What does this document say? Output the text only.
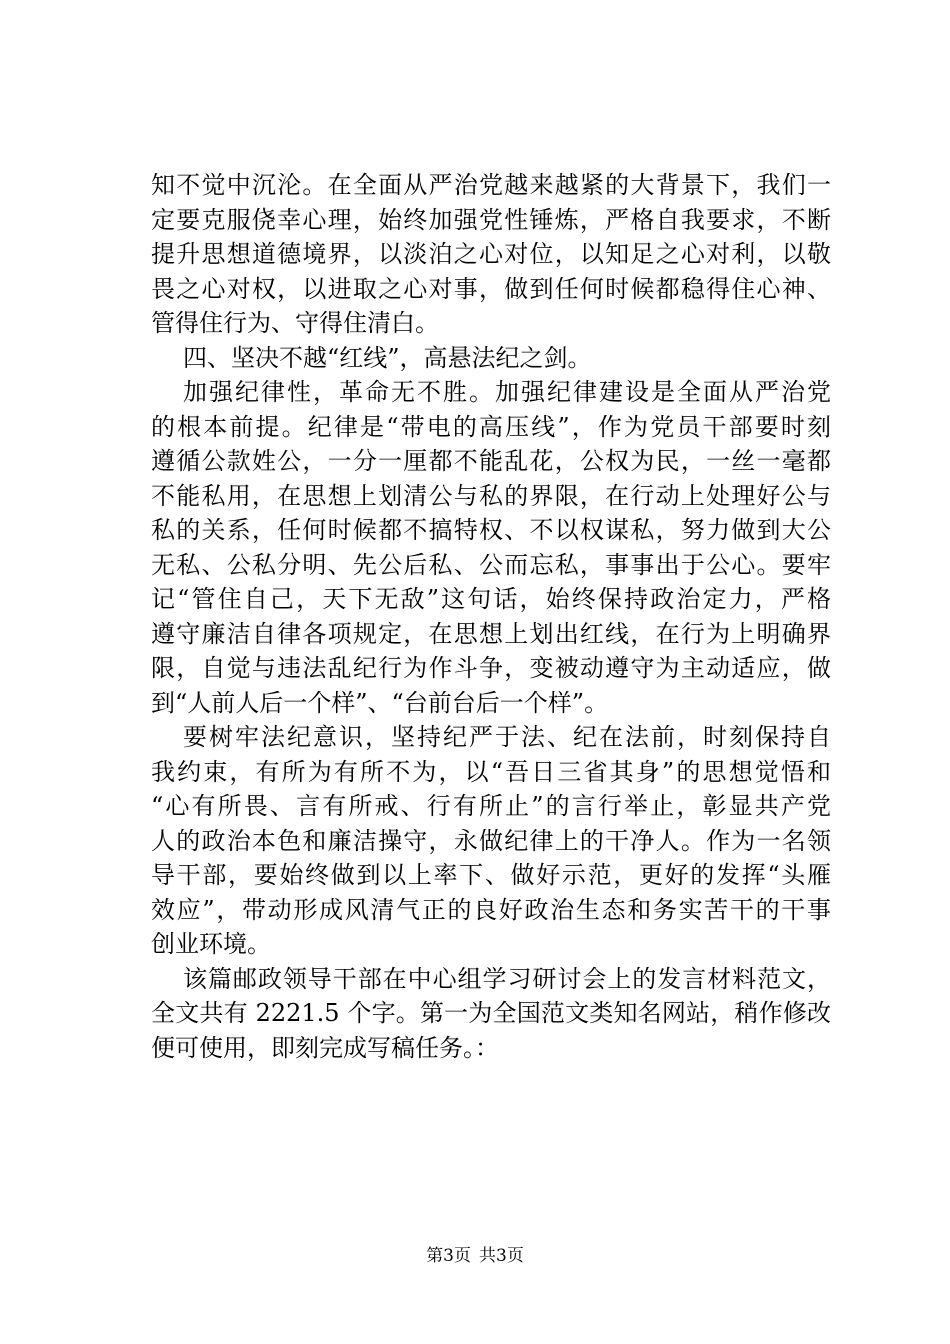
知不觉中沉沦。在全面从严治党越来越紧的大背景下，我们一
定要克服侥幸心理，始终加强党性锤炼，严格自我要求，不断
提升思想道德境界，以淡泊之心对位，以知足之心对利，以敬
畏之心对权，以进取之心对事，做到任何时候都稳得住心神、
管得住行为、守得住清白。
四、坚决不越“红线”，高悬法纪之剑。
加强纪律性，革命无不胜。加强纪律建设是全面从严治党
的根本前提。纪律是“带电的高压线”，作为党员干部要时刻
遵循公款姓公，一分一厘都不能乱花，公权为民，一丝一毫都
不能私用，在思想上划清公与私的界限，在行动上处理好公与
私的关系，任何时候都不搞特权、不以权谋私，努力做到大公
无私、公私分明、先公后私、公而忘私，事事出于公心。要牢
记“管住自己，天下无敌”这句话，始终保持政治定力，严格
遵守廉洁自律各项规定，在思想上划出红线，在行为上明确界
限，自觉与违法乱纪行为作斗争，变被动遵守为主动适应，做
到“人前人后一个样”、“台前台后一个样”。
要树牢法纪意识，坚持纪严于法、纪在法前，时刻保持自
我约束，有所为有所不为，以“吾日三省其身”的思想觉悟和
“心有所畏、言有所戒、行有所止”的言行举止，彰显共产党
人的政治本色和廉洁操守，永做纪律上的干净人。作为一名领
导干部，要始终做到以上率下、做好示范，更好的发挥“头雁
效应”，带动形成风清气正的良好政治生态和务实苦干的干事
创业环境。
该篇邮政领导干部在中心组学习研讨会上的发言材料范文，
全文共有 2221.5 个字。第一为全国范文类知名网站，稍作修改
便可使用，即刻完成写稿任务。：
第3页 共3页
